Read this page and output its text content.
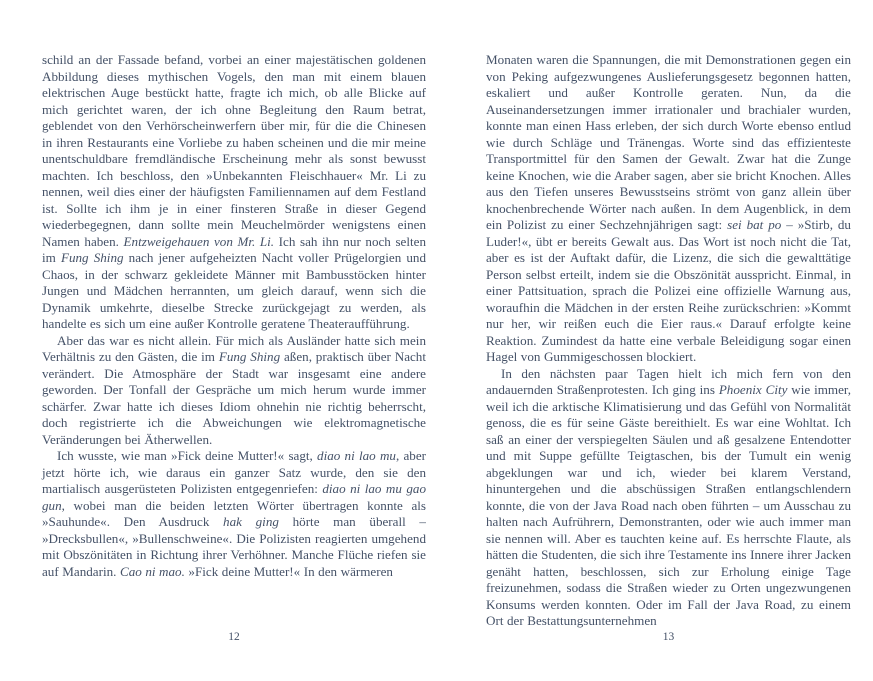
schild an der Fassade befand, vorbei an einer majestätischen goldenen Abbildung dieses mythischen Vogels, den man mit einem blauen elektrischen Auge bestückt hatte, fragte ich mich, ob alle Blicke auf mich gerichtet waren, der ich ohne Begleitung den Raum betrat, geblendet von den Verhörscheinwerfern über mir, für die die Chinesen in ihren Restaurants eine Vorliebe zu haben scheinen und die mir meine unentschuldbare fremdländische Erscheinung mehr als sonst bewusst machten. Ich beschloss, den »Unbekannten Fleischhauer« Mr. Li zu nennen, weil dies einer der häufigsten Familiennamen auf dem Festland ist. Sollte ich ihm je in einer finsteren Straße in dieser Gegend wiederbegegnen, dann sollte mein Meuchelmörder wenigstens einen Namen haben. Entzweigehauen von Mr. Li. Ich sah ihn nur noch selten im Fung Shing nach jener aufgeheizten Nacht voller Prügelorgien und Chaos, in der schwarz gekleidete Männer mit Bambusstöcken hinter Jungen und Mädchen herrannten, um gleich darauf, wenn sich die Dynamik umkehrte, dieselbe Strecke zurückgejagt zu werden, als handelte es sich um eine außer Kontrolle geratene Theateraufführung.

Aber das war es nicht allein. Für mich als Ausländer hatte sich mein Verhältnis zu den Gästen, die im Fung Shing aßen, praktisch über Nacht verändert. Die Atmosphäre der Stadt war insgesamt eine andere geworden. Der Tonfall der Gespräche um mich herum wurde immer schärfer. Zwar hatte ich dieses Idiom ohnehin nie richtig beherrscht, doch registrierte ich die Abweichungen wie elektromagnetische Veränderungen bei Ätherwellen.

Ich wusste, wie man »Fick deine Mutter!« sagt, diao ni lao mu, aber jetzt hörte ich, wie daraus ein ganzer Satz wurde, den sie den martialisch ausgerüsteten Polizisten entgegenriefen: diao ni lao mu gao gun, wobei man die beiden letzten Wörter übertragen konnte als »Sauhunde«. Den Ausdruck hak ging hörte man überall – »Drecksbullen«, »Bullenschweine«. Die Polizisten reagierten umgehend mit Obszönitäten in Richtung ihrer Verhöhner. Manche Flüche riefen sie auf Mandarin. Cao ni mao. »Fick deine Mutter!« In den wärmeren

12

Monaten waren die Spannungen, die mit Demonstrationen gegen ein von Peking aufgezwungenes Auslieferungsgesetz begonnen hatten, eskaliert und außer Kontrolle geraten. Nun, da die Auseinandersetzungen immer irrationaler und brachialer wurden, konnte man einen Hass erleben, der sich durch Worte ebenso entlud wie durch Schläge und Tränengas. Worte sind das effizienteste Transportmittel für den Samen der Gewalt. Zwar hat die Zunge keine Knochen, wie die Araber sagen, aber sie bricht Knochen. Alles aus den Tiefen unseres Bewusstseins strömt von ganz allein über knochenbrechende Wörter nach außen. In dem Augenblick, in dem ein Polizist zu einer Sechzehnjährigen sagt: sei bat po – »Stirb, du Luder!«, übt er bereits Gewalt aus. Das Wort ist noch nicht die Tat, aber es ist der Auftakt dafür, die Lizenz, die sich die gewalttätige Person selbst erteilt, indem sie die Obszönität ausspricht. Einmal, in einer Pattsituation, sprach die Polizei eine offizielle Warnung aus, woraufhin die Mädchen in der ersten Reihe zurückschrien: »Kommt nur her, wir reißen euch die Eier raus.« Darauf erfolgte keine Reaktion. Zumindest da hatte eine verbale Beleidigung sogar einen Hagel von Gummigeschossen blockiert.

In den nächsten paar Tagen hielt ich mich fern von den andauernden Straßenprotesten. Ich ging ins Phoenix City wie immer, weil ich die arktische Klimatisierung und das Gefühl von Normalität genoss, die es für seine Gäste bereithielt. Es war eine Wohltat. Ich saß an einer der verspiegelten Säulen und aß gesalzene Entendotter und mit Suppe gefüllte Teigtaschen, bis der Tumult ein wenig abgeklungen war und ich, wieder bei klarem Verstand, hinuntergehen und die abschüssigen Straßen entlangschlendern konnte, die von der Java Road nach oben führten – um Ausschau zu halten nach Aufrührern, Demonstranten, oder wie auch immer man sie nennen will. Aber es tauchten keine auf. Es herrschte Flaute, als hätten die Studenten, die sich ihre Testamente ins Innere ihrer Jacken genäht hatten, beschlossen, sich zur Erholung einige Tage freizunehmen, sodass die Straßen wieder zu Orten ungezwungenen Konsums werden konnten. Oder im Fall der Java Road, zu einem Ort der Bestattungsunternehmen

13
